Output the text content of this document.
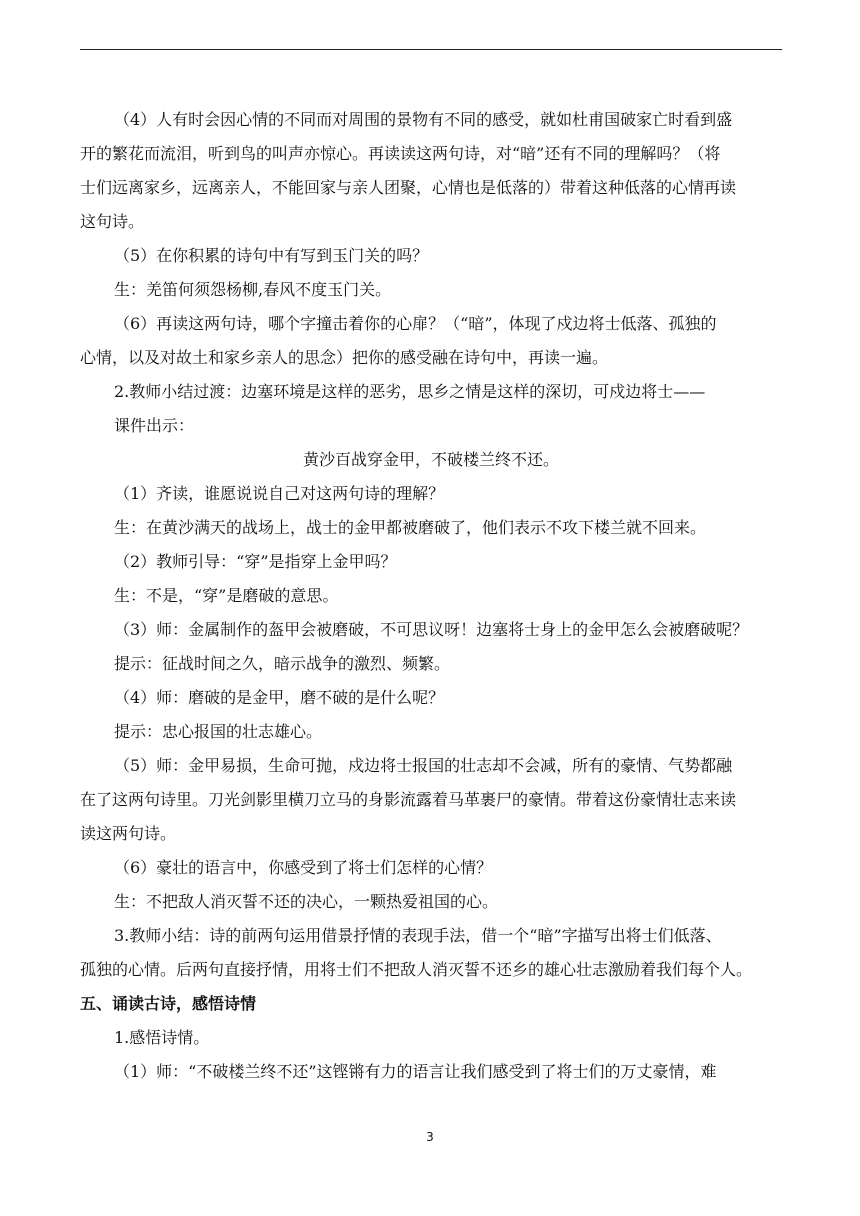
（4）人有时会因心情的不同而对周围的景物有不同的感受，就如杜甫国破家亡时看到盛
开的繁花而流泪，听到鸟的叫声亦惊心。再读读这两句诗，对“暗”还有不同的理解吗？（将
士们远离家乡，远离亲人，不能回家与亲人团聚，心情也是低落的）带着这种低落的心情再读
这句诗。
（5）在你积累的诗句中有写到玉门关的吗？
生：羌笛何须怨杨柳,春风不度玉门关。
（6）再读这两句诗，哪个字撞击着你的心扉？（“暗”，体现了戍边将士低落、孤独的
心情，以及对故土和家乡亲人的思念）把你的感受融在诗句中，再读一遍。
2.教师小结过渡：边塞环境是这样的恶劣，思乡之情是这样的深切，可戍边将士——
课件出示：
黄沙百战穿金甲，不破楼兰终不还。
（1）齐读，谁愿说说自己对这两句诗的理解？
生：在黄沙满天的战场上，战士的金甲都被磨破了，他们表示不攻下楼兰就不回来。
（2）教师引导：“穿”是指穿上金甲吗？
生：不是，“穿”是磨破的意思。
（3）师：金属制作的盔甲会被磨破，不可思议呀！边塞将士身上的金甲怎么会被磨破呢？
提示：征战时间之久，暗示战争的激烈、频繁。
（4）师：磨破的是金甲，磨不破的是什么呢？
提示：忠心报国的壮志雄心。
（5）师：金甲易损，生命可抛，戍边将士报国的壮志却不会减，所有的豪情、气势都融
在了这两句诗里。刀光剑影里横刀立马的身影流露着马革裹尸的豪情。带着这份豪情壮志来读
读这两句诗。
（6）豪壮的语言中，你感受到了将士们怎样的心情？
生：不把敌人消灭誓不还的决心，一颗热爱祖国的心。
3.教师小结：诗的前两句运用借景抒情的表现手法，借一个“暗”字描写出将士们低落、
孤独的心情。后两句直接抒情，用将士们不把敌人消灭誓不还乡的雄心壮志激励着我们每个人。
五、诵读古诗，感悟诗情
1.感悟诗情。
（1）师：“不破楼兰终不还”这铿锵有力的语言让我们感受到了将士们的万丈豪情，难
3
